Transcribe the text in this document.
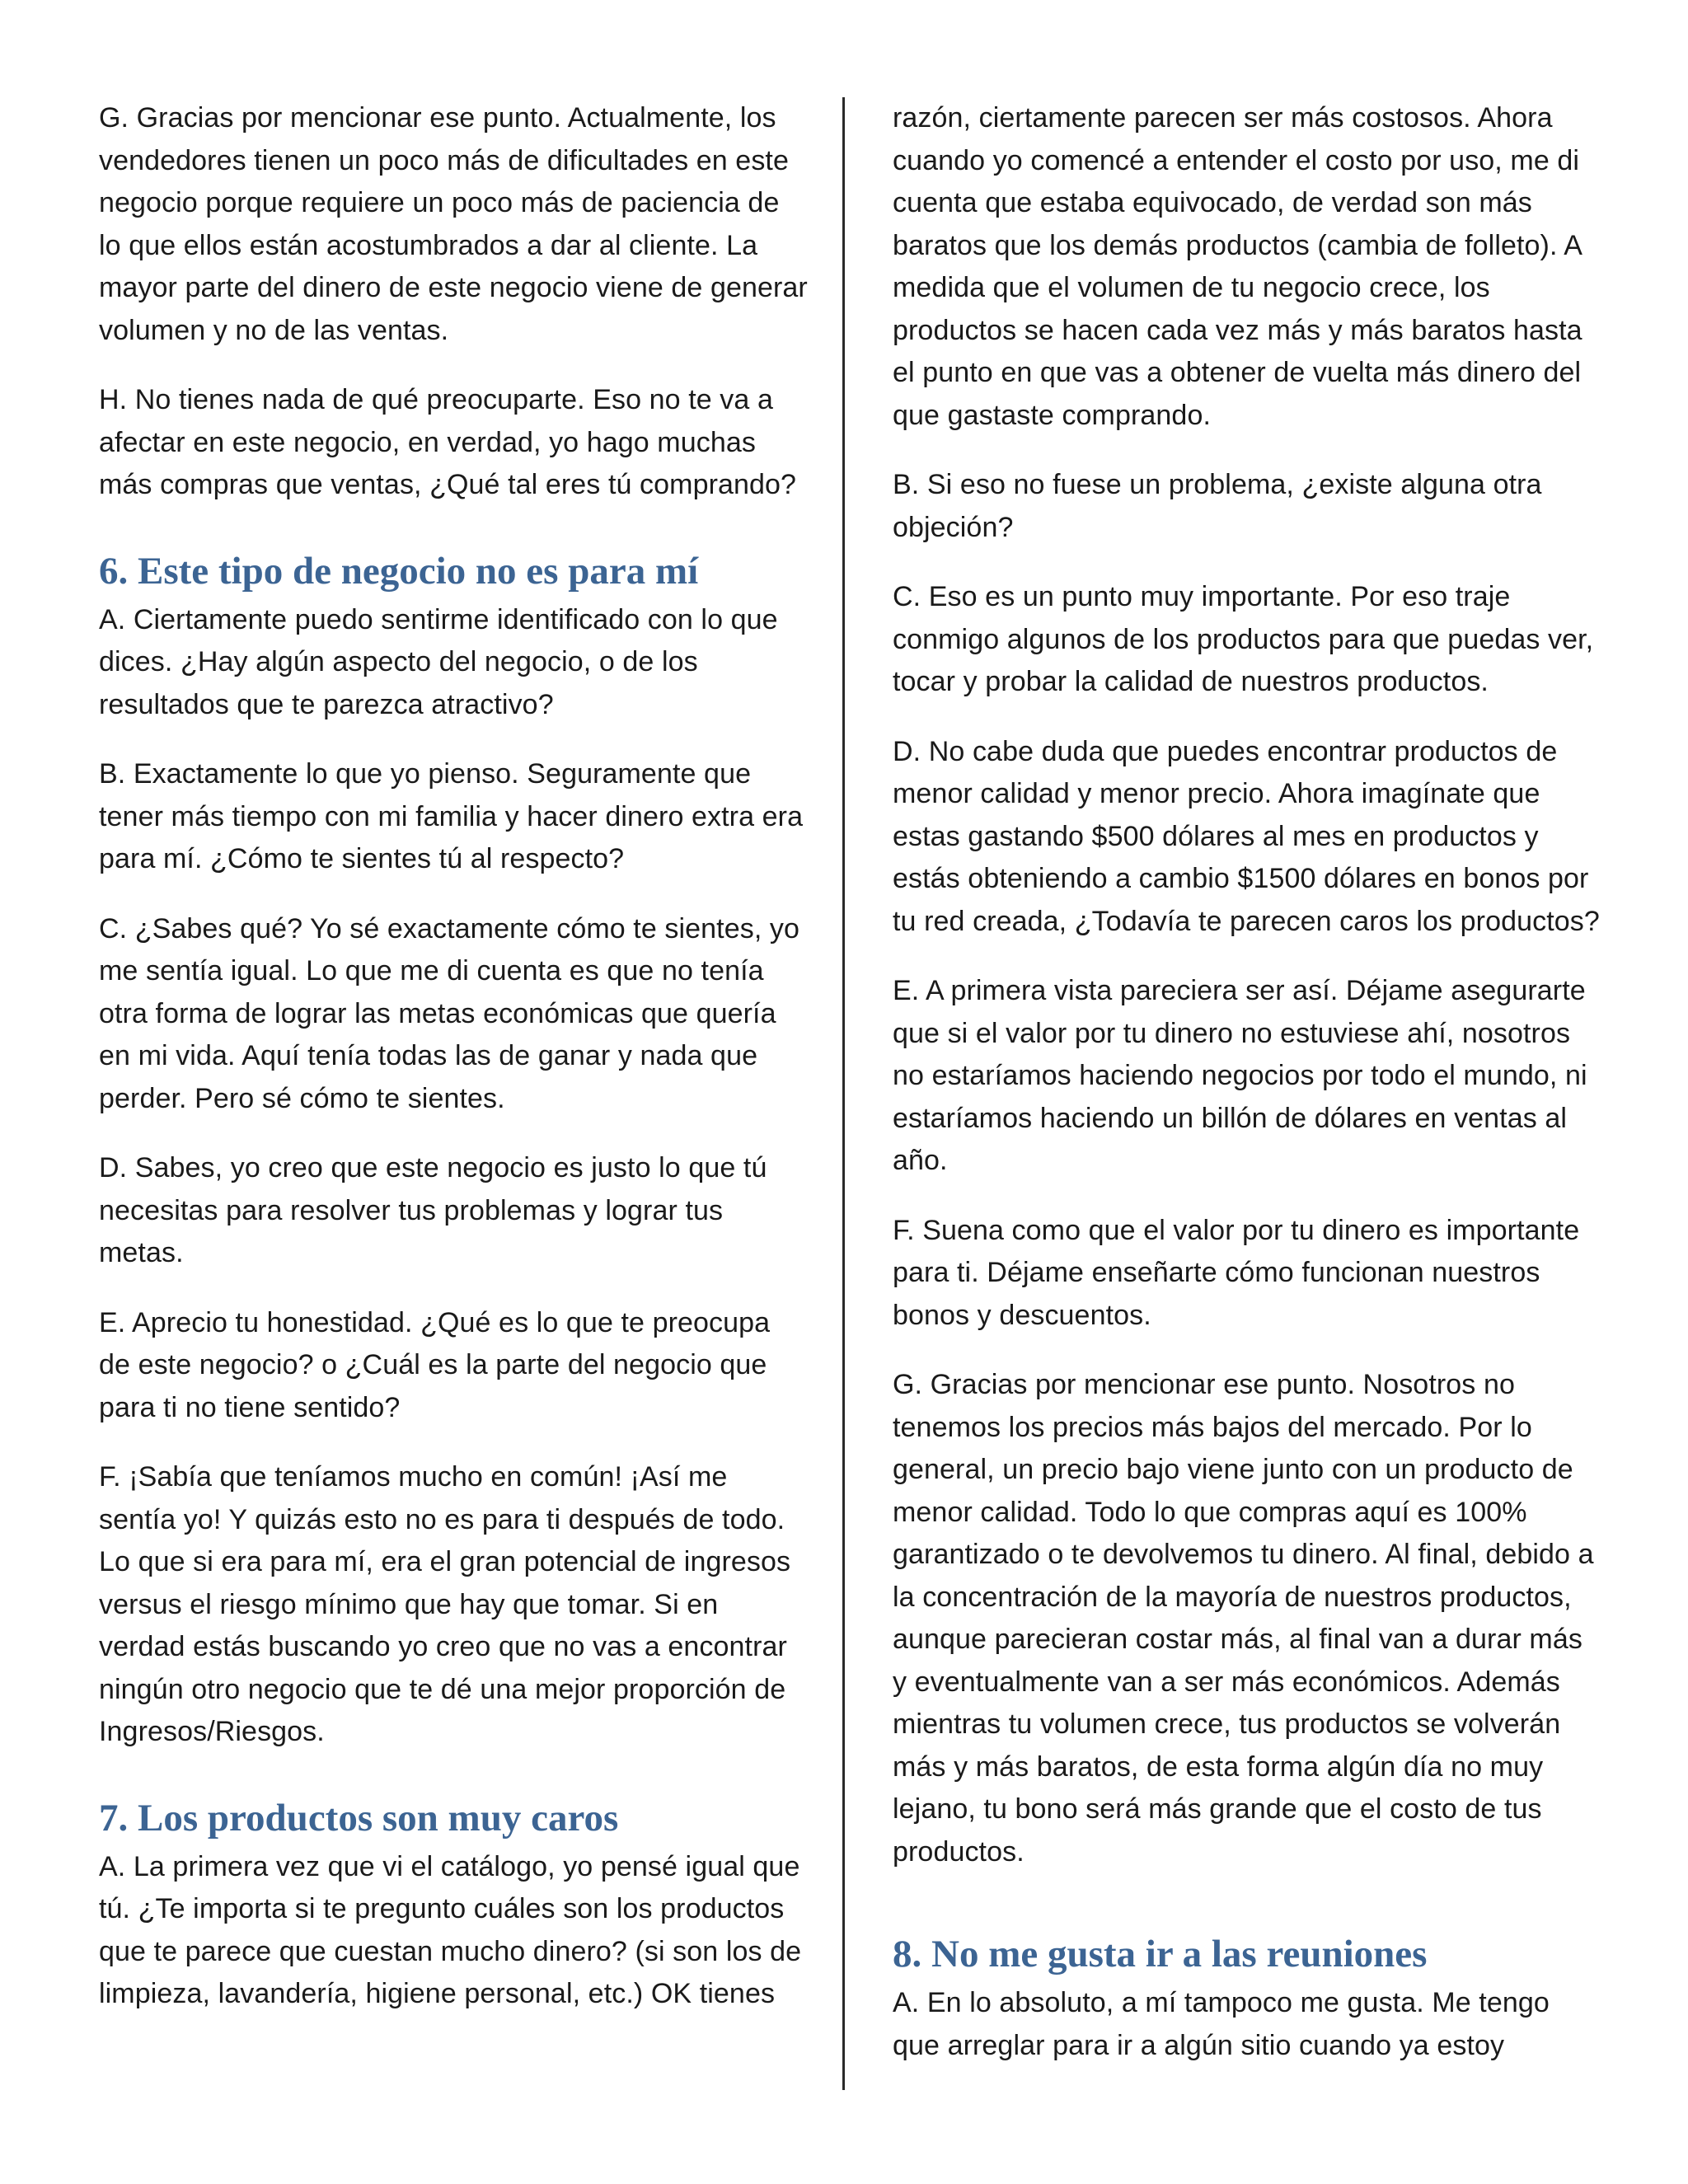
G. Gracias por mencionar ese punto. Actualmente, los vendedores tienen un poco más de dificultades en este negocio porque requiere un poco más de paciencia de lo que ellos están acostumbrados a dar al cliente. La mayor parte del dinero de este negocio viene de generar volumen y no de las ventas.

H. No tienes nada de qué preocuparte. Eso no te va a afectar en este negocio, en verdad, yo hago muchas más compras que ventas, ¿Qué tal eres tú comprando?

6. Este tipo de negocio no es para mí

A. Ciertamente puedo sentirme identificado con lo que dices. ¿Hay algún aspecto del negocio, o de los resultados que te parezca atractivo?

B. Exactamente lo que yo pienso. Seguramente que tener más tiempo con mi familia y hacer dinero extra era para mí. ¿Cómo te sientes tú al respecto?

C. ¿Sabes qué? Yo sé exactamente cómo te sientes, yo me sentía igual. Lo que me di cuenta es que no tenía otra forma de lograr las metas económicas que quería en mi vida. Aquí tenía todas las de ganar y nada que perder. Pero sé cómo te sientes.

D. Sabes, yo creo que este negocio es justo lo que tú necesitas para resolver tus problemas y lograr tus metas.

E. Aprecio tu honestidad. ¿Qué es lo que te preocupa de este negocio? o ¿Cuál es la parte del negocio que para ti no tiene sentido?

F. ¡Sabía que teníamos mucho en común! ¡Así me sentía yo! Y quizás esto no es para ti después de todo. Lo que si era para mí, era el gran potencial de ingresos versus el riesgo mínimo que hay que tomar. Si en verdad estás buscando yo creo que no vas a encontrar ningún otro negocio que te dé una mejor proporción de Ingresos/Riesgos.

7. Los productos son muy caros

A. La primera vez que vi el catálogo, yo pensé igual que tú. ¿Te importa si te pregunto cuáles son los productos que te parece que cuestan mucho dinero? (si son los de limpieza, lavandería, higiene personal, etc.) OK tienes

razón, ciertamente parecen ser más costosos. Ahora cuando yo comencé a entender el costo por uso, me di cuenta que estaba equivocado, de verdad son más baratos que los demás productos (cambia de folleto). A medida que el volumen de tu negocio crece, los productos se hacen cada vez más y más baratos hasta el punto en que vas a obtener de vuelta más dinero del que gastaste comprando.

B. Si eso no fuese un problema, ¿existe alguna otra objeción?

C. Eso es un punto muy importante. Por eso traje conmigo algunos de los productos para que puedas ver, tocar y probar la calidad de nuestros productos.

D. No cabe duda que puedes encontrar productos de menor calidad y menor precio. Ahora imagínate que estas gastando $500 dólares al mes en productos y estás obteniendo a cambio $1500 dólares en bonos por tu red creada, ¿Todavía te parecen caros los productos?

E. A primera vista pareciera ser así. Déjame asegurarte que si el valor por tu dinero no estuviese ahí, nosotros no estaríamos haciendo negocios por todo el mundo, ni estaríamos haciendo un billón de dólares en ventas al año.

F. Suena como que el valor por tu dinero es importante para ti. Déjame enseñarte cómo funcionan nuestros bonos y descuentos.

G. Gracias por mencionar ese punto. Nosotros no tenemos los precios más bajos del mercado. Por lo general, un precio bajo viene junto con un producto de menor calidad. Todo lo que compras aquí es 100% garantizado o te devolvemos tu dinero. Al final, debido a la concentración de la mayoría de nuestros productos, aunque parecieran costar más, al final van a durar más y eventualmente van a ser más económicos. Además mientras tu volumen crece, tus productos se volverán más y más baratos, de esta forma algún día no muy lejano, tu bono será más grande que el costo de tus productos.

8. No me gusta ir a las reuniones

A. En lo absoluto, a mí tampoco me gusta. Me tengo que arreglar para ir a algún sitio cuando ya estoy
